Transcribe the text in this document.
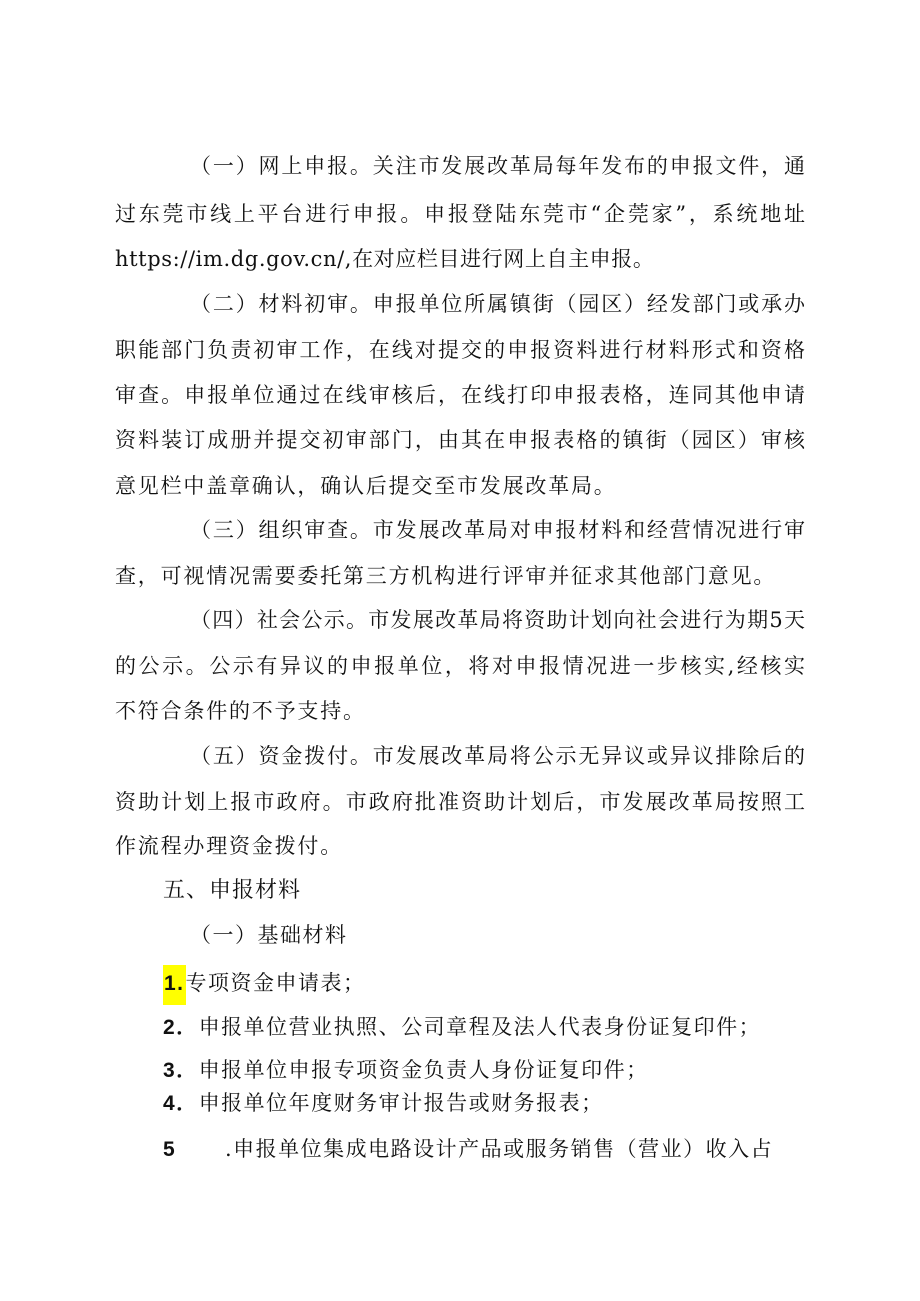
（一）网上申报。关注市发展改革局每年发布的申报文件，通
过东莞市线上平台进行申报。申报登陆东莞市“企莞家”，系统地址
https://im.dg.gov.cn/,在对应栏目进行网上自主申报。
（二）材料初审。申报单位所属镇街（园区）经发部门或承办
职能部门负责初审工作，在线对提交的申报资料进行材料形式和资格
审查。申报单位通过在线审核后，在线打印申报表格，连同其他申请
资料装订成册并提交初审部门，由其在申报表格的镇街（园区）审核
意见栏中盖章确认，确认后提交至市发展改革局。
（三）组织审查。市发展改革局对申报材料和经营情况进行审
查，可视情况需要委托第三方机构进行评审并征求其他部门意见。
（四）社会公示。市发展改革局将资助计划向社会进行为期5天
的公示。公示有异议的申报单位，将对申报情况进一步核实,经核实
不符合条件的不予支持。
（五）资金拨付。市发展改革局将公示无异议或异议排除后的
资助计划上报市政府。市政府批准资助计划后，市发展改革局按照工
作流程办理资金拨付。
五、申报材料
（一）基础材料
1.专项资金申请表；
2．申报单位营业执照、公司章程及法人代表身份证复印件；
3．申报单位申报专项资金负责人身份证复印件；
4．申报单位年度财务审计报告或财务报表；
5 .申报单位集成电路设计产品或服务销售（营业）收入占
